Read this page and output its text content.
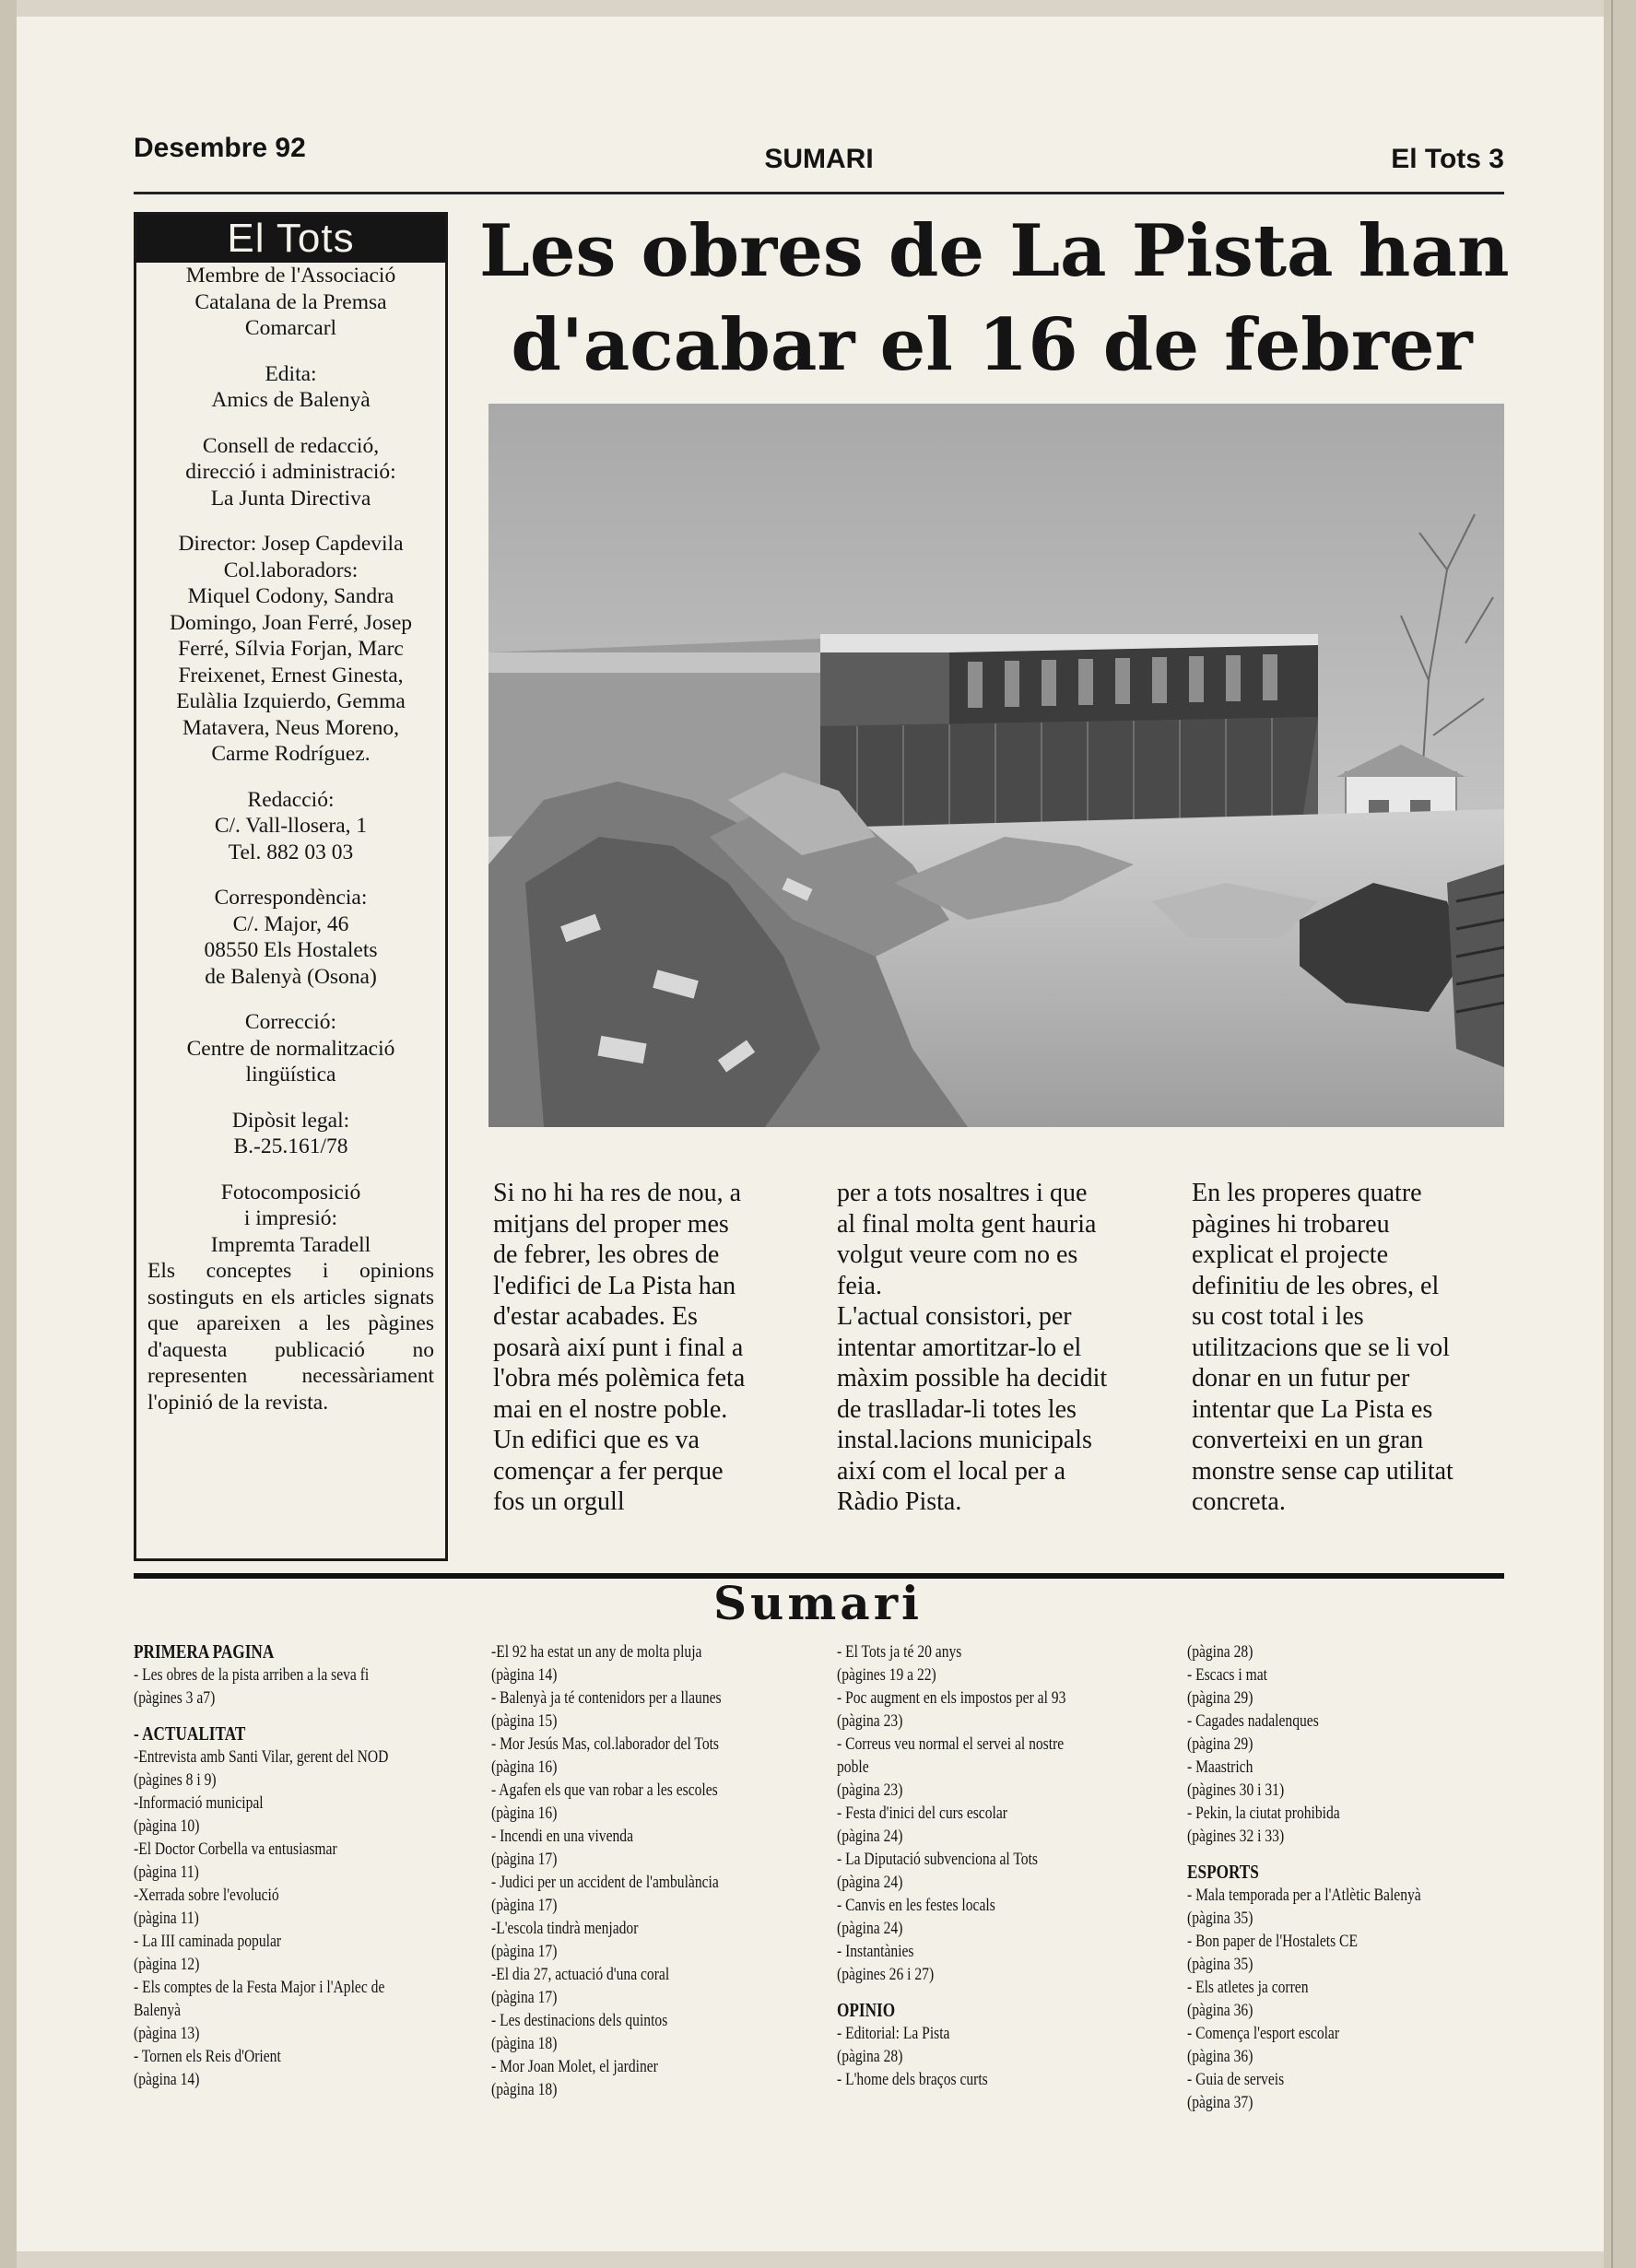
Desembre 92	SUMARI	El Tots 3
El Tots
Membre de l'Associació
Catalana de la Premsa
Comarcarl
Edita:
Amics de Balenyà
Consell de redacció,
direcció i administració:
La Junta Directiva
Director: Josep Capdevila
Col.laboradors:
Miquel Codony, Sandra
Domingo, Joan Ferré, Josep
Ferré, Sílvia Forjan, Marc
Freixenet, Ernest Ginesta,
Eulàlia Izquierdo, Gemma
Matavera, Neus Moreno,
Carme Rodríguez.
Redacció:
C/. Vall-llosera, 1
Tel. 882 03 03
Correspondència:
C/. Major, 46
08550 Els Hostalets
de Balenyà (Osona)
Correcció:
Centre de normalització
lingüística
Dipòsit legal:
B.-25.161/78
Fotocomposició
i impresió:
Impremta Taradell
Els conceptes i opinions sostinguts en els articles signats que apareixen a les pàgines d'aquesta publicació no representen necessàriament l'opinió de la revista.
Les obres de La Pista han
d'acabar el 16 de febrer
Si no hi ha res de nou, a
mitjans del proper mes
de febrer, les obres de
l'edifici de La Pista han
d'estar acabades. Es
posarà així punt i final a
l'obra més polèmica feta
mai en el nostre poble.
Un edifici que es va
començar a fer perque
fos un orgull
per a tots nosaltres i que
al final molta gent hauria
volgut veure com no es
feia.
L'actual consistori, per
intentar amortitzar-lo el
màxim possible ha decidit
de traslladar-li totes les
instal.lacions municipals
així com el local per a
Ràdio Pista.
En les properes quatre
pàgines hi trobareu
explicat el projecte
definitiu de les obres, el
su cost total i les
utilitzacions que se li vol
donar en un futur per
intentar que La Pista es
converteixi en un gran
monstre sense cap utilitat
concreta.
Sumari
PRIMERA PAGINA
- Les obres de la pista arriben a la seva fi
(pàgines 3 a7)
- ACTUALITAT
-Entrevista amb Santi Vilar, gerent del NOD
(pàgines 8 i 9)
-Informació municipal
(pàgina 10)
-El Doctor Corbella va entusiasmar
(pàgina 11)
-Xerrada sobre l'evolució
(pàgina 11)
- La III caminada popular
(pàgina 12)
- Els comptes de la Festa Major i l'Aplec de
Balenyà
(pàgina 13)
- Tornen els Reis d'Orient
(pàgina 14)
-El 92 ha estat un any de molta pluja
(pàgina 14)
- Balenyà ja té contenidors per a llaunes
(pàgina 15)
- Mor Jesús Mas, col.laborador del Tots
(pàgina 16)
- Agafen els que van robar a les escoles
(pàgina 16)
- Incendi en una vivenda
(pàgina 17)
- Judici per un accident de l'ambulància
(pàgina 17)
-L'escola tindrà menjador
(pàgina 17)
-El dia 27, actuació d'una coral
(pàgina 17)
- Les destinacions dels quintos
(pàgina 18)
- Mor Joan Molet, el jardiner
(pàgina 18)
- El Tots ja té 20 anys
(pàgines 19 a 22)
- Poc augment en els impostos per al 93
(pàgina 23)
- Correus veu normal el servei al nostre
poble
(pàgina 23)
- Festa d'inici del curs escolar
(pàgina 24)
- La Diputació subvenciona al Tots
(pàgina 24)
- Canvis en les festes locals
(pàgina 24)
- Instantànies
(pàgines 26 i 27)
OPINIO
- Editorial: La Pista
(pàgina 28)
- L'home dels braços curts
(pàgina 28)
- Escacs i mat
(pàgina 29)
- Cagades nadalenques
(pàgina 29)
- Maastrich
(pàgines 30 i 31)
- Pekin, la ciutat prohibida
(pàgines 32 i 33)
ESPORTS
- Mala temporada per a l'Atlètic Balenyà
(pàgina 35)
- Bon paper de l'Hostalets CE
(pàgina 35)
- Els atletes ja corren
(pàgina 36)
- Comença l'esport escolar
(pàgina 36)
- Guia de serveis
(pàgina 37)
